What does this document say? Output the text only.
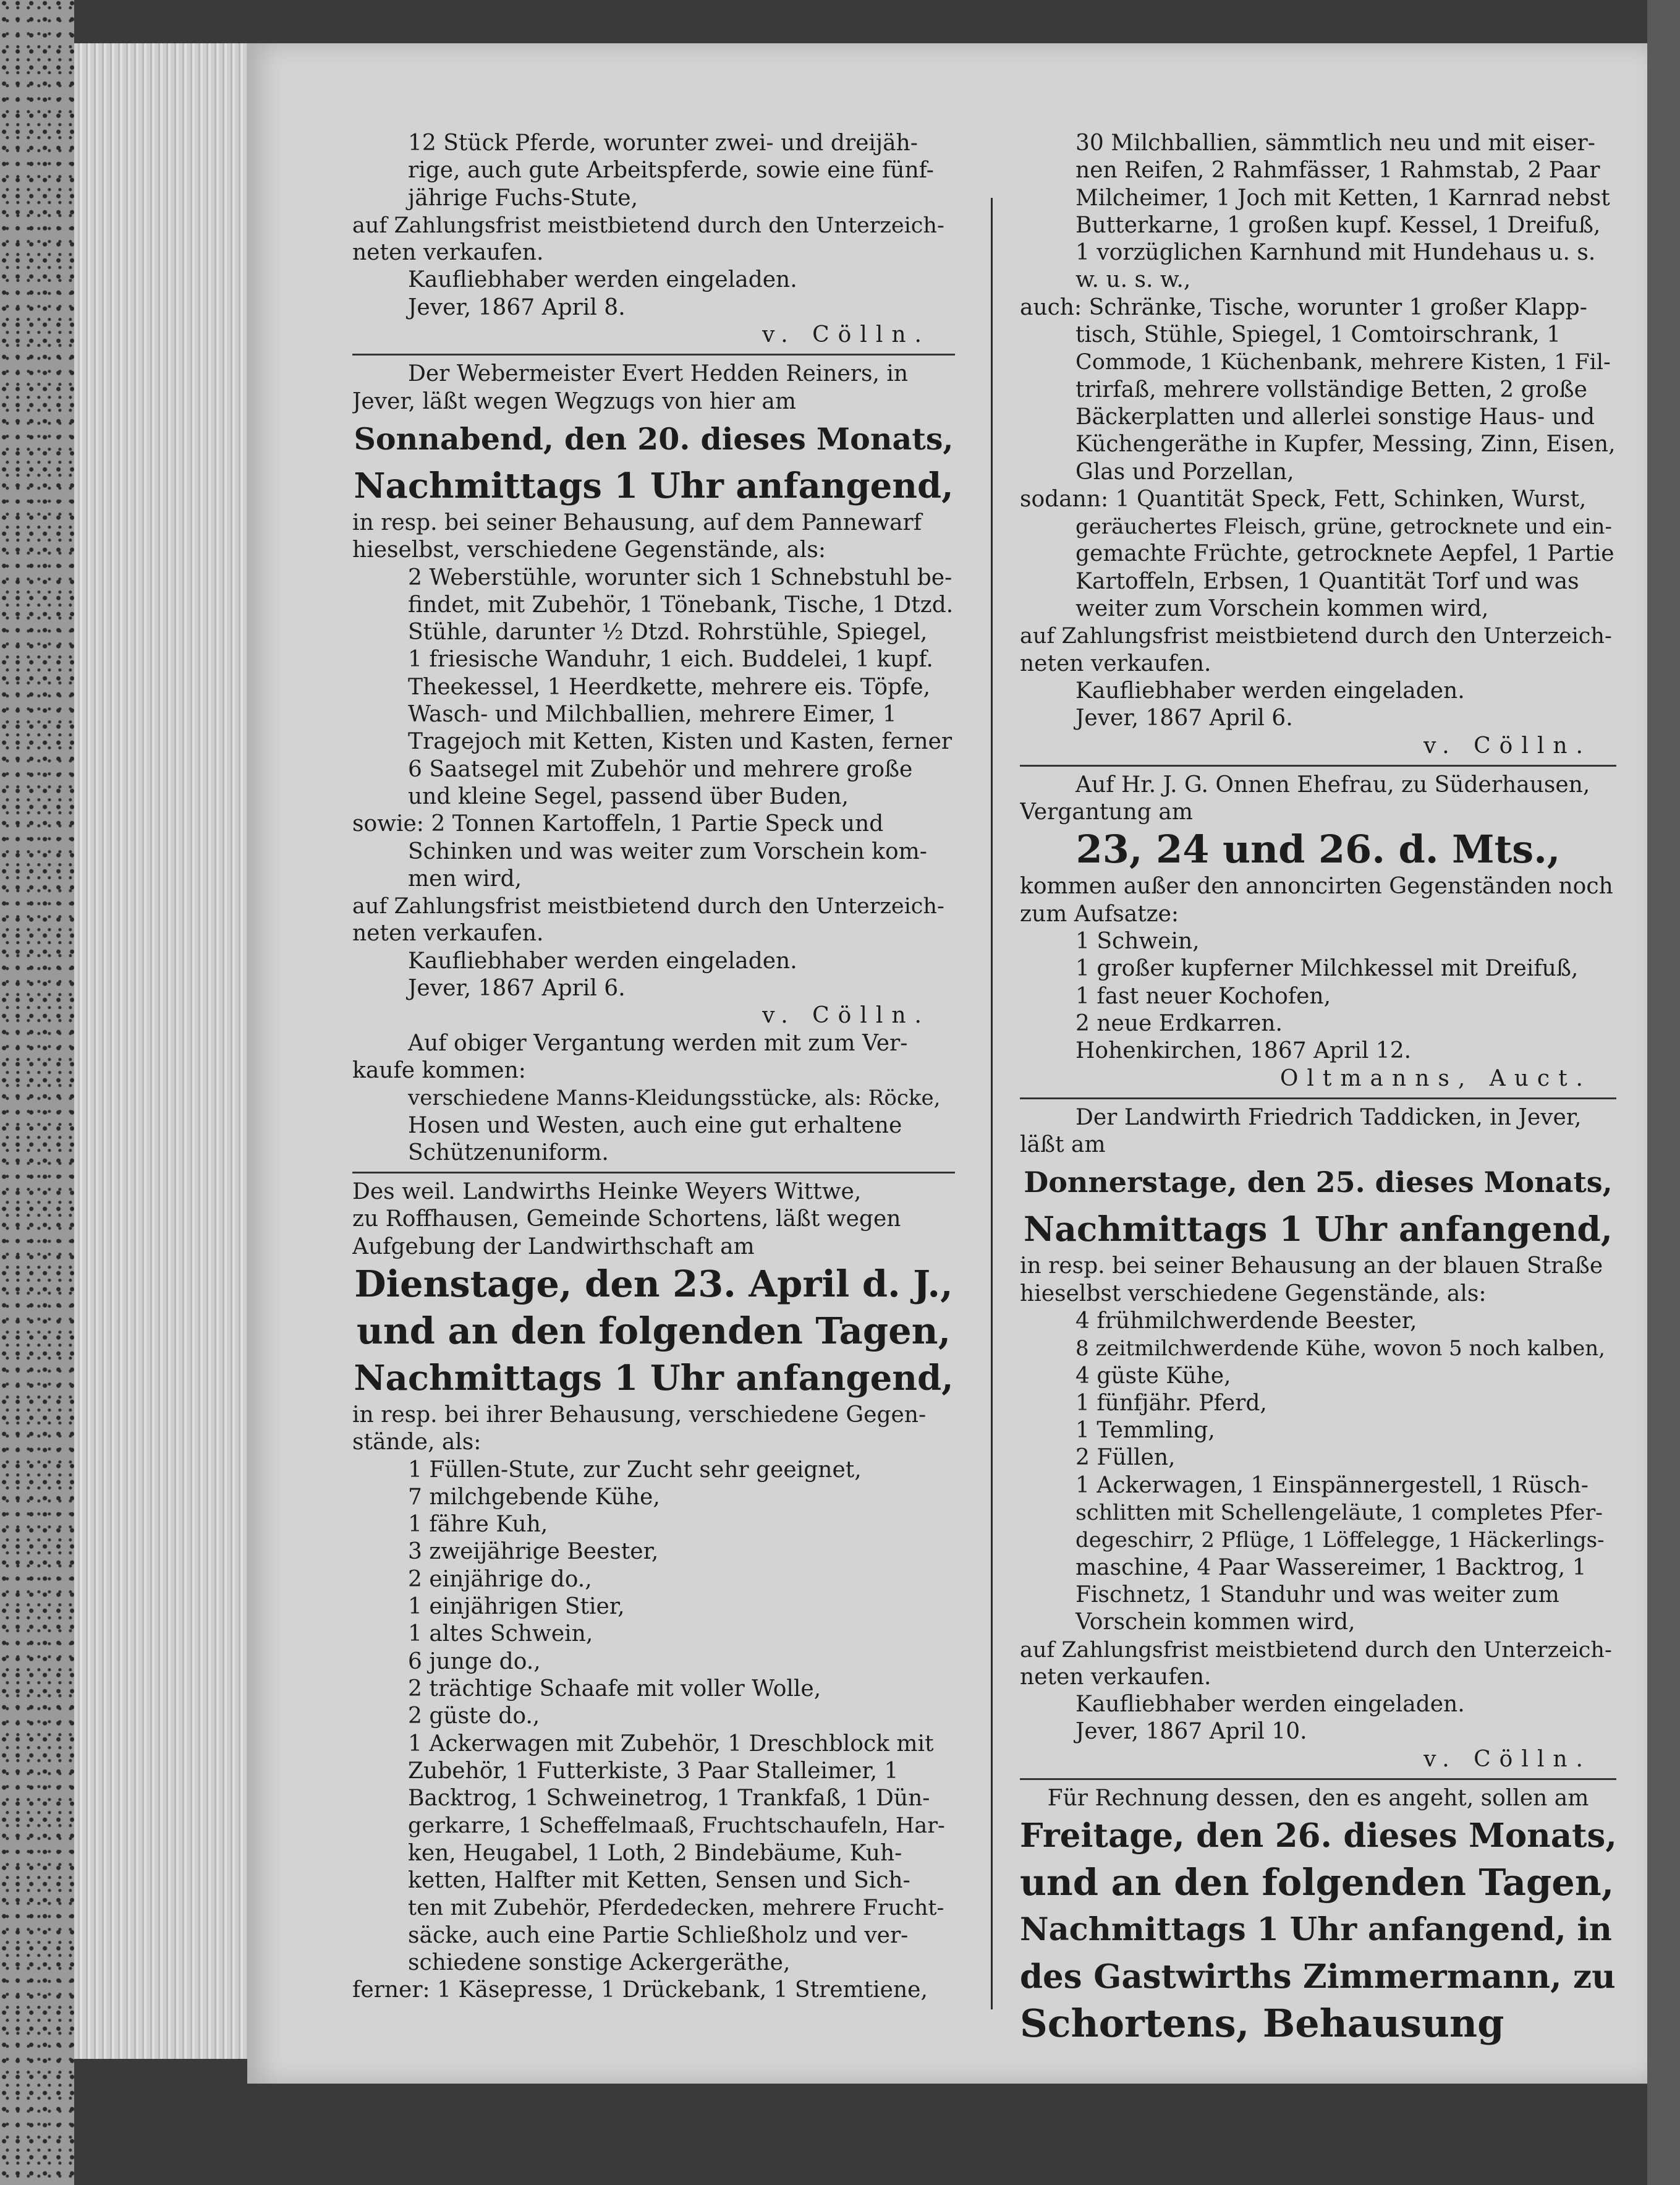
12 Stück Pferde, worunter zwei- und dreijäh-
rige, auch gute Arbeitspferde, sowie eine fünf-
jährige Fuchs-Stute,
auf Zahlungsfrist meistbietend durch den Unterzeich-
neten verkaufen.
Kaufliebhaber werden eingeladen.
Jever, 1867 April 8.
v. Cölln.
Der Webermeister Evert Hedden Reiners, in
Jever, läßt wegen Wegzugs von hier am
Sonnabend, den 20. dieses Monats,
Nachmittags 1 Uhr anfangend,
in resp. bei seiner Behausung, auf dem Pannewarf
hieselbst, verschiedene Gegenstände, als:
2 Weberstühle, worunter sich 1 Schnebstuhl be-
findet, mit Zubehör, 1 Tönebank, Tische, 1 Dtzd.
Stühle, darunter ½ Dtzd. Rohrstühle, Spiegel,
1 friesische Wanduhr, 1 eich. Buddelei, 1 kupf.
Theekessel, 1 Heerdkette, mehrere eis. Töpfe,
Wasch- und Milchballien, mehrere Eimer, 1
Tragejoch mit Ketten, Kisten und Kasten, ferner
6 Saatsegel mit Zubehör und mehrere große
und kleine Segel, passend über Buden,
sowie: 2 Tonnen Kartoffeln, 1 Partie Speck und
Schinken und was weiter zum Vorschein kom-
men wird,
auf Zahlungsfrist meistbietend durch den Unterzeich-
neten verkaufen.
Kaufliebhaber werden eingeladen.
Jever, 1867 April 6.
v. Cölln.
Auf obiger Vergantung werden mit zum Ver-
kaufe kommen:
verschiedene Manns-Kleidungsstücke, als: Röcke,
Hosen und Westen, auch eine gut erhaltene
Schützenuniform.
Des weil. Landwirths Heinke Weyers Wittwe,
zu Roffhausen, Gemeinde Schortens, läßt wegen
Aufgebung der Landwirthschaft am
Dienstage, den 23. April d. J.,
und an den folgenden Tagen,
Nachmittags 1 Uhr anfangend,
in resp. bei ihrer Behausung, verschiedene Gegen-
stände, als:
1 Füllen-Stute, zur Zucht sehr geeignet,
7 milchgebende Kühe,
1 fähre Kuh,
3 zweijährige Beester,
2 einjährige do.,
1 einjährigen Stier,
1 altes Schwein,
6 junge do.,
2 trächtige Schaafe mit voller Wolle,
2 güste do.,
1 Ackerwagen mit Zubehör, 1 Dreschblock mit
Zubehör, 1 Futterkiste, 3 Paar Stalleimer, 1
Backtrog, 1 Schweinetrog, 1 Trankfaß, 1 Dün-
gerkarre, 1 Scheffelmaaß, Fruchtschaufeln, Har-
ken, Heugabel, 1 Loth, 2 Bindebäume, Kuh-
ketten, Halfter mit Ketten, Sensen und Sich-
ten mit Zubehör, Pferdedecken, mehrere Frucht-
säcke, auch eine Partie Schließholz und ver-
schiedene sonstige Ackergeräthe,
ferner: 1 Käsepresse, 1 Drückebank, 1 Stremtiene,
30 Milchballien, sämmtlich neu und mit eiser-
nen Reifen, 2 Rahmfässer, 1 Rahmstab, 2 Paar
Milcheimer, 1 Joch mit Ketten, 1 Karnrad nebst
Butterkarne, 1 großen kupf. Kessel, 1 Dreifuß,
1 vorzüglichen Karnhund mit Hundehaus u. s.
w. u. s. w.,
auch: Schränke, Tische, worunter 1 großer Klapp-
tisch, Stühle, Spiegel, 1 Comtoirschrank, 1
Commode, 1 Küchenbank, mehrere Kisten, 1 Fil-
trirfaß, mehrere vollständige Betten, 2 große
Bäckerplatten und allerlei sonstige Haus- und
Küchengeräthe in Kupfer, Messing, Zinn, Eisen,
Glas und Porzellan,
sodann: 1 Quantität Speck, Fett, Schinken, Wurst,
geräuchertes Fleisch, grüne, getrocknete und ein-
gemachte Früchte, getrocknete Aepfel, 1 Partie
Kartoffeln, Erbsen, 1 Quantität Torf und was
weiter zum Vorschein kommen wird,
auf Zahlungsfrist meistbietend durch den Unterzeich-
neten verkaufen.
Kaufliebhaber werden eingeladen.
Jever, 1867 April 6.
v. Cölln.
Auf Hr. J. G. Onnen Ehefrau, zu Süderhausen,
Vergantung am
23, 24 und 26. d. Mts.,
kommen außer den annoncirten Gegenständen noch
zum Aufsatze:
1 Schwein,
1 großer kupferner Milchkessel mit Dreifuß,
1 fast neuer Kochofen,
2 neue Erdkarren.
Hohenkirchen, 1867 April 12.
Oltmanns, Auct.
Der Landwirth Friedrich Taddicken, in Jever,
läßt am
Donnerstage, den 25. dieses Monats,
Nachmittags 1 Uhr anfangend,
in resp. bei seiner Behausung an der blauen Straße
hieselbst verschiedene Gegenstände, als:
4 frühmilchwerdende Beester,
8 zeitmilchwerdende Kühe, wovon 5 noch kalben,
4 güste Kühe,
1 fünfjähr. Pferd,
1 Temmling,
2 Füllen,
1 Ackerwagen, 1 Einspännergestell, 1 Rüsch-
schlitten mit Schellengeläute, 1 completes Pfer-
degeschirr, 2 Pflüge, 1 Löffelegge, 1 Häckerlings-
maschine, 4 Paar Wassereimer, 1 Backtrog, 1
Fischnetz, 1 Standuhr und was weiter zum
Vorschein kommen wird,
auf Zahlungsfrist meistbietend durch den Unterzeich-
neten verkaufen.
Kaufliebhaber werden eingeladen.
Jever, 1867 April 10.
v. Cölln.
Für Rechnung dessen, den es angeht, sollen am
Freitage, den 26. dieses Monats,
und an den folgenden Tagen,
Nachmittags 1 Uhr anfangend, in
des Gastwirths Zimmermann, zu
Schortens, Behausung
